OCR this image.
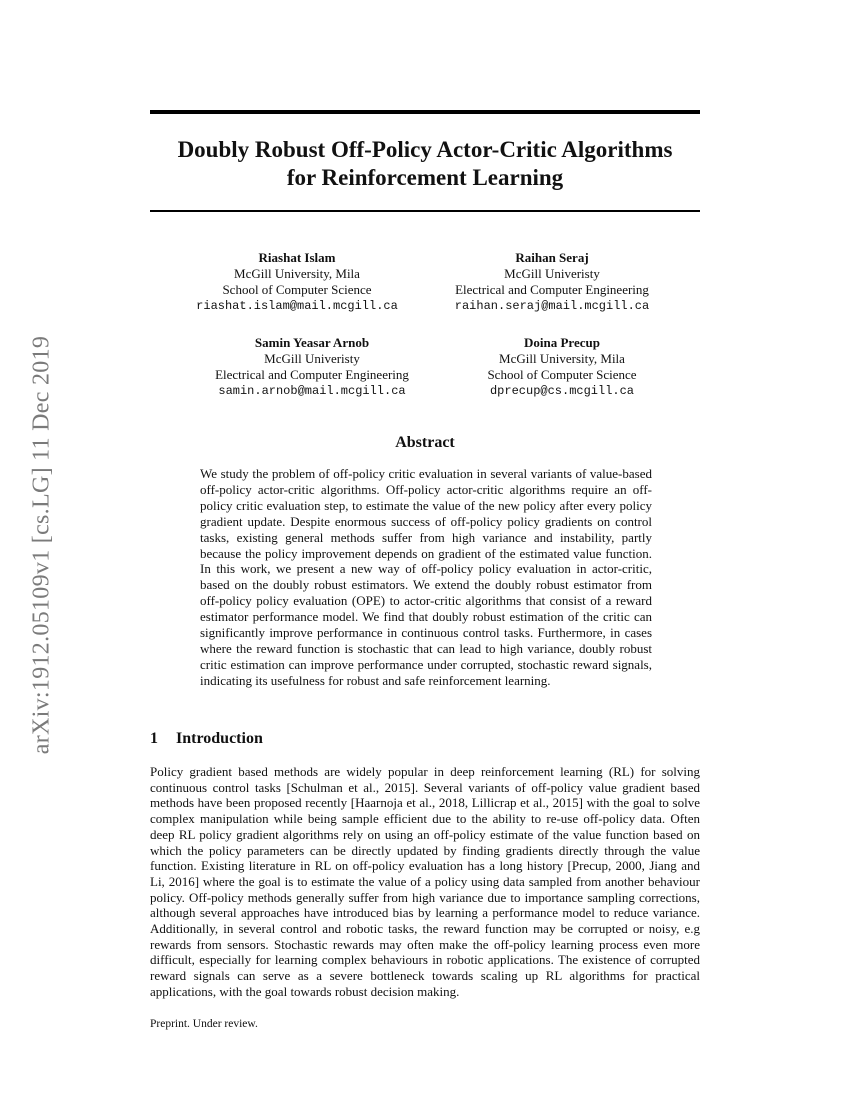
Doubly Robust Off-Policy Actor-Critic Algorithms
for Reinforcement Learning
arXiv:1912.05109v1 [cs.LG] 11 Dec 2019
Riashat Islam
McGill University, Mila
School of Computer Science
riashat.islam@mail.mcgill.ca
Raihan Seraj
McGill Univeristy
Electrical and Computer Engineering
raihan.seraj@mail.mcgill.ca
Samin Yeasar Arnob
McGill Univeristy
Electrical and Computer Engineering
samin.arnob@mail.mcgill.ca
Doina Precup
McGill University, Mila
School of Computer Science
dprecup@cs.mcgill.ca
Abstract
We study the problem of off-policy critic evaluation in several variants of value-based off-policy actor-critic algorithms. Off-policy actor-critic algorithms require an off-policy critic evaluation step, to estimate the value of the new policy after every policy gradient update. Despite enormous success of off-policy policy gradients on control tasks, existing general methods suffer from high variance and instability, partly because the policy improvement depends on gradient of the estimated value function. In this work, we present a new way of off-policy policy evaluation in actor-critic, based on the doubly robust estimators. We extend the doubly robust estimator from off-policy policy evaluation (OPE) to actor-critic algorithms that consist of a reward estimator performance model. We find that doubly robust estimation of the critic can significantly improve performance in continuous control tasks. Furthermore, in cases where the reward function is stochastic that can lead to high variance, doubly robust critic estimation can improve performance under corrupted, stochastic reward signals, indicating its usefulness for robust and safe reinforcement learning.
1 Introduction
Policy gradient based methods are widely popular in deep reinforcement learning (RL) for solving continuous control tasks [Schulman et al., 2015]. Several variants of off-policy value gradient based methods have been proposed recently [Haarnoja et al., 2018, Lillicrap et al., 2015] with the goal to solve complex manipulation while being sample efficient due to the ability to re-use off-policy data. Often deep RL policy gradient algorithms rely on using an off-policy estimate of the value function based on which the policy parameters can be directly updated by finding gradients directly through the value function. Existing literature in RL on off-policy evaluation has a long history [Precup, 2000, Jiang and Li, 2016] where the goal is to estimate the value of a policy using data sampled from another behaviour policy. Off-policy methods generally suffer from high variance due to importance sampling corrections, although several approaches have introduced bias by learning a performance model to reduce variance. Additionally, in several control and robotic tasks, the reward function may be corrupted or noisy, e.g rewards from sensors. Stochastic rewards may often make the off-policy learning process even more difficult, especially for learning complex behaviours in robotic applications. The existence of corrupted reward signals can serve as a severe bottleneck towards scaling up RL algorithms for practical applications, with the goal towards robust decision making.
Preprint. Under review.
